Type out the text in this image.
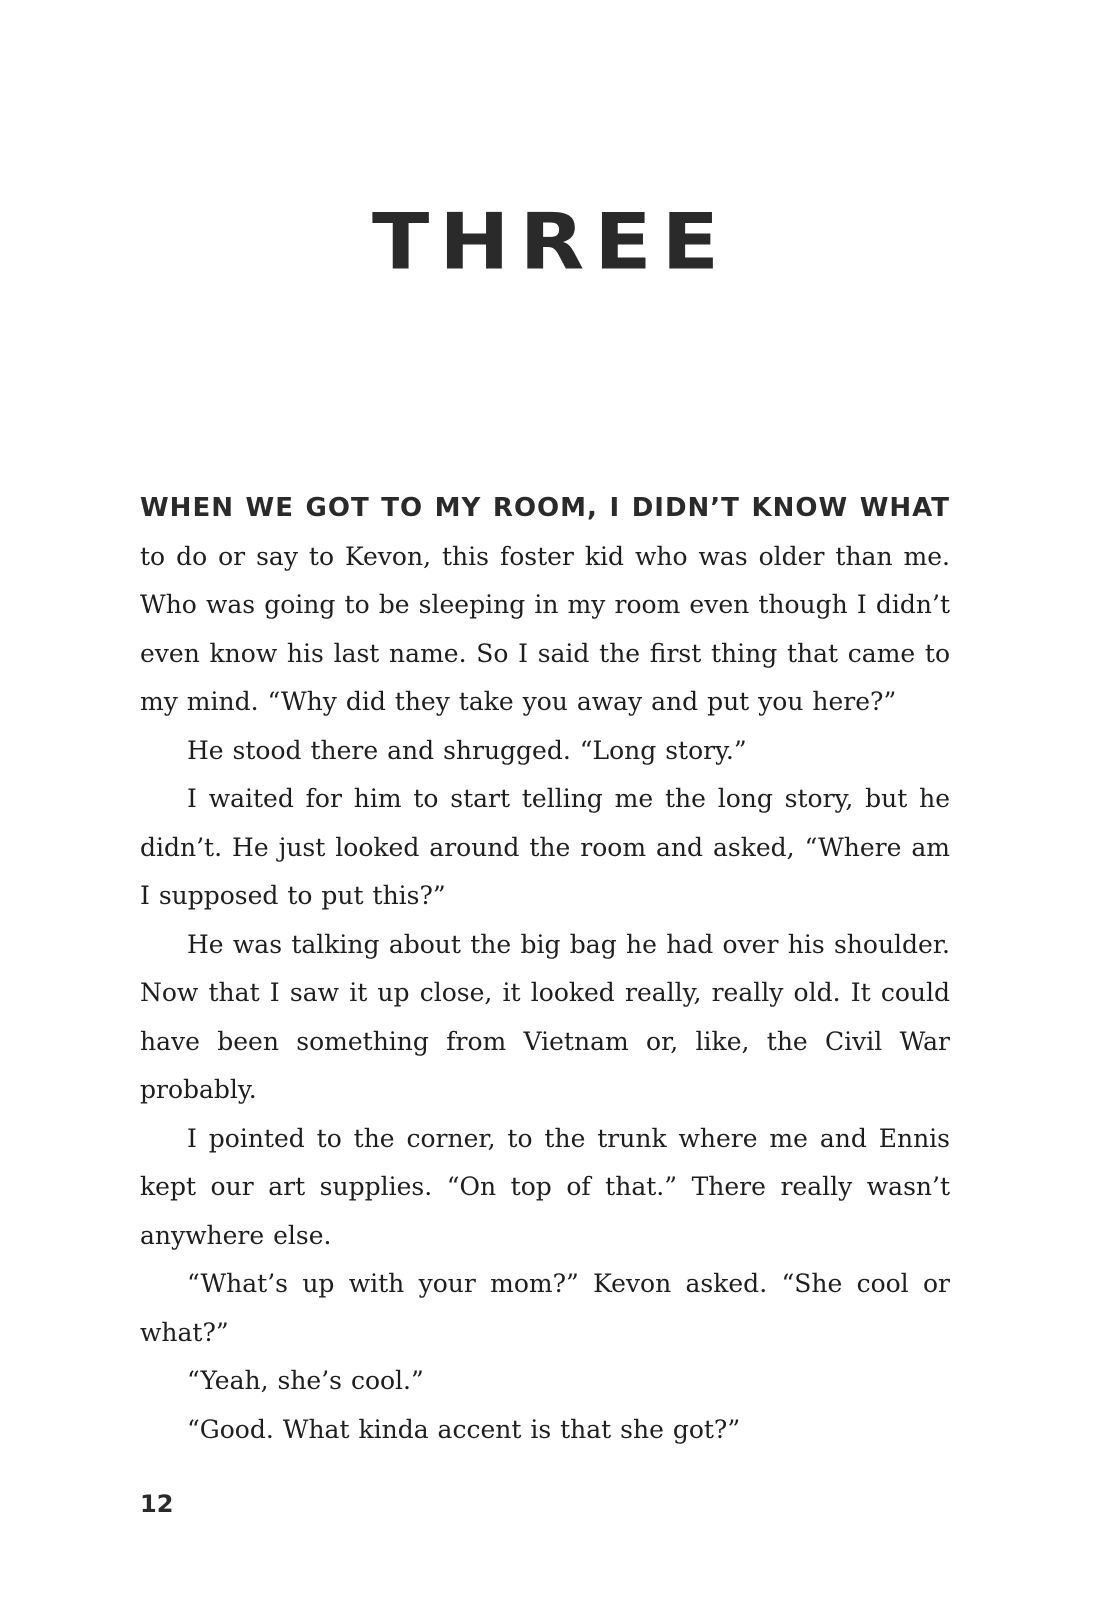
THREE

WHEN WE GOT TO MY ROOM, I DIDN’T KNOW WHAT to do or say to Kevon, this foster kid who was older than me. Who was going to be sleeping in my room even though I didn’t even know his last name. So I said the first thing that came to my mind. “Why did they take you away and put you here?”

He stood there and shrugged. “Long story.”

I waited for him to start telling me the long story, but he didn’t. He just looked around the room and asked, “Where am I supposed to put this?”

He was talking about the big bag he had over his shoulder. Now that I saw it up close, it looked really, really old. It could have been something from Vietnam or, like, the Civil War probably.

I pointed to the corner, to the trunk where me and Ennis kept our art supplies. “On top of that.” There really wasn’t anywhere else.

“What’s up with your mom?” Kevon asked. “She cool or what?”

“Yeah, she’s cool.”

“Good. What kinda accent is that she got?”

12
